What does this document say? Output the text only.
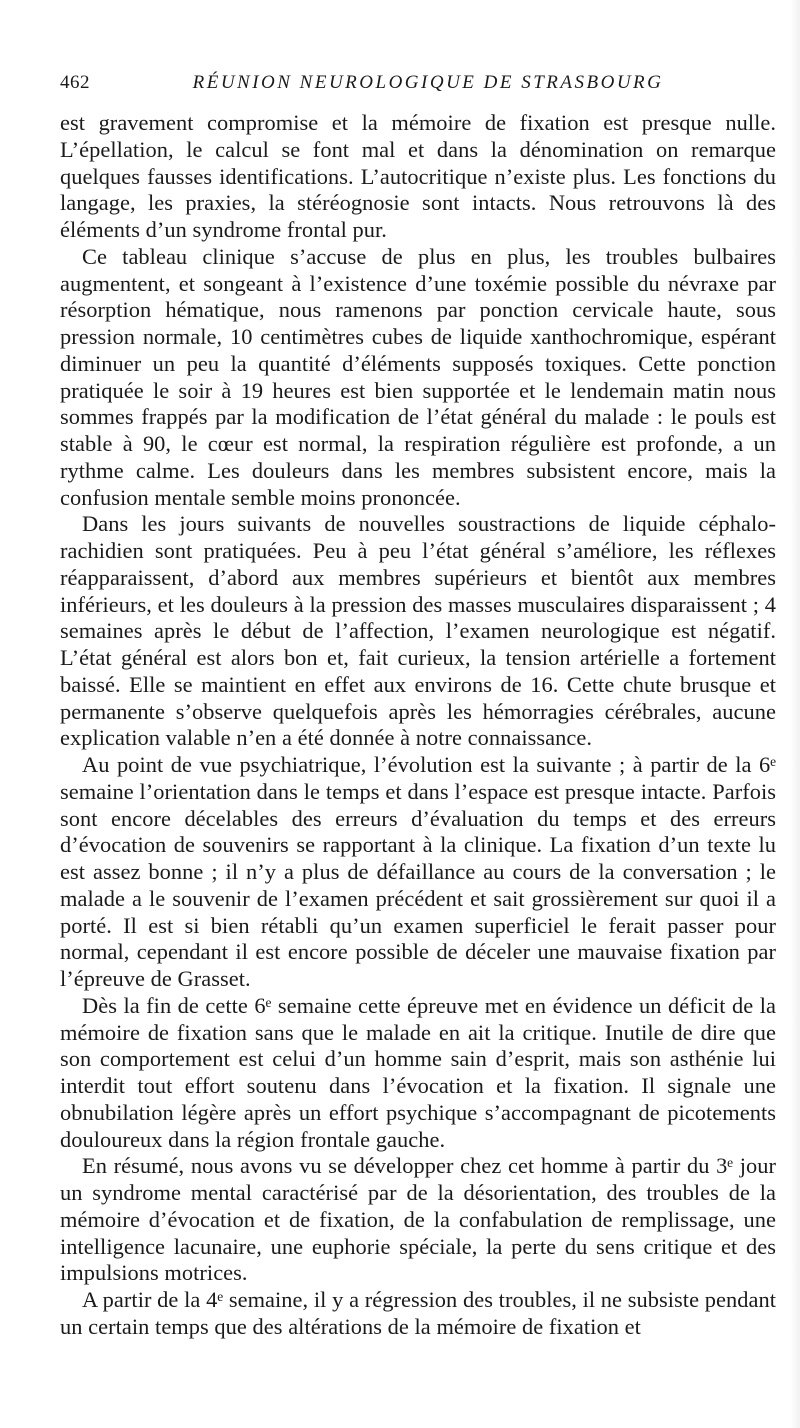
462	RÉUNION NEUROLOGIQUE DE STRASBOURG

est gravement compromise et la mémoire de fixation est presque nulle. L’épellation, le calcul se font mal et dans la dénomination on remarque quelques fausses identifications. L’autocritique n’existe plus. Les fonctions du langage, les praxies, la stéréognosie sont intacts. Nous retrouvons là des éléments d’un syndrome frontal pur.

Ce tableau clinique s’accuse de plus en plus, les troubles bulbaires augmentent, et songeant à l’existence d’une toxémie possible du névraxe par résorption hématique, nous ramenons par ponction cervicale haute, sous pression normale, 10 centimètres cubes de liquide xanthochromique, espérant diminuer un peu la quantité d’éléments supposés toxiques. Cette ponction pratiquée le soir à 19 heures est bien supportée et le lendemain matin nous sommes frappés par la modification de l’état général du malade : le pouls est stable à 90, le cœur est normal, la respiration régulière est profonde, a un rythme calme. Les douleurs dans les membres subsistent encore, mais la confusion mentale semble moins prononcée.

Dans les jours suivants de nouvelles soustractions de liquide céphalo-rachidien sont pratiquées. Peu à peu l’état général s’améliore, les réflexes réapparaissent, d’abord aux membres supérieurs et bientôt aux membres inférieurs, et les douleurs à la pression des masses musculaires disparaissent ; 4 semaines après le début de l’affection, l’examen neurologique est négatif. L’état général est alors bon et, fait curieux, la tension artérielle a fortement baissé. Elle se maintient en effet aux environs de 16. Cette chute brusque et permanente s’observe quelquefois après les hémorragies cérébrales, aucune explication valable n’en a été donnée à notre connaissance.

Au point de vue psychiatrique, l’évolution est la suivante ; à partir de la 6ᵉ semaine l’orientation dans le temps et dans l’espace est presque intacte. Parfois sont encore décelables des erreurs d’évaluation du temps et des erreurs d’évocation de souvenirs se rapportant à la clinique. La fixation d’un texte lu est assez bonne ; il n’y a plus de défaillance au cours de la conversation ; le malade a le souvenir de l’examen précédent et sait grossièrement sur quoi il a porté. Il est si bien rétabli qu’un examen superficiel le ferait passer pour normal, cependant il est encore possible de déceler une mauvaise fixation par l’épreuve de Grasset.

Dès la fin de cette 6ᵉ semaine cette épreuve met en évidence un déficit de la mémoire de fixation sans que le malade en ait la critique. Inutile de dire que son comportement est celui d’un homme sain d’esprit, mais son asthénie lui interdit tout effort soutenu dans l’évocation et la fixation. Il signale une obnubilation légère après un effort psychique s’accompagnant de picotements douloureux dans la région frontale gauche.

En résumé, nous avons vu se développer chez cet homme à partir du 3ᵉ jour un syndrome mental caractérisé par de la désorientation, des troubles de la mémoire d’évocation et de fixation, de la confabulation de remplissage, une intelligence lacunaire, une euphorie spéciale, la perte du sens critique et des impulsions motrices.

A partir de la 4ᵉ semaine, il y a régression des troubles, il ne subsiste pendant un certain temps que des altérations de la mémoire de fixation et
